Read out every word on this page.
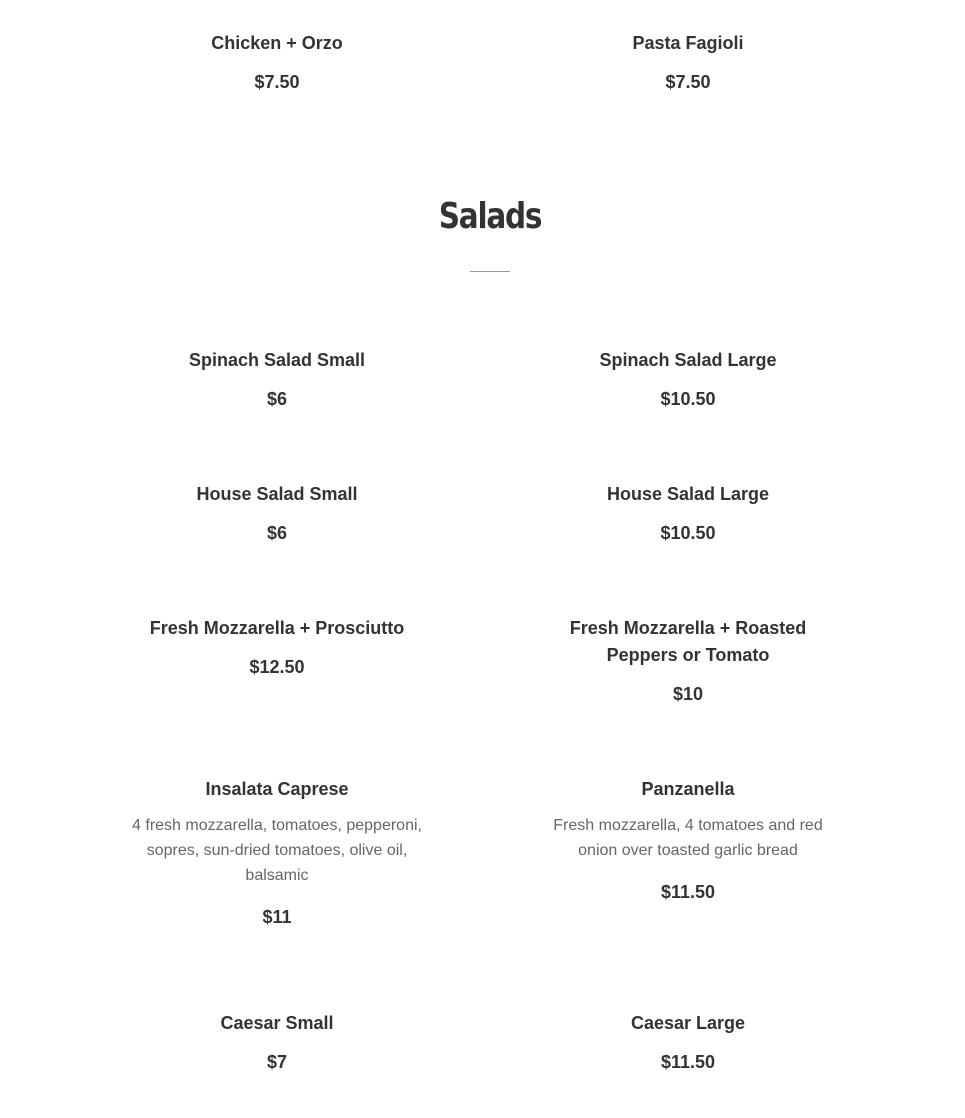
Chicken + Orzo
$7.50
Pasta Fagioli
$7.50
Salads
Spinach Salad Small
$6
Spinach Salad Large
$10.50
House Salad Small
$6
House Salad Large
$10.50
Fresh Mozzarella + Prosciutto
$12.50
Fresh Mozzarella + Roasted Peppers or Tomato
$10
Insalata Caprese
4 fresh mozzarella, tomatoes, pepperoni, sopres, sun-dried tomatoes, olive oil, balsamic
$11
Panzanella
Fresh mozzarella, 4 tomatoes and red onion over toasted garlic bread
$11.50
Caesar Small
$7
Caesar Large
$11.50
